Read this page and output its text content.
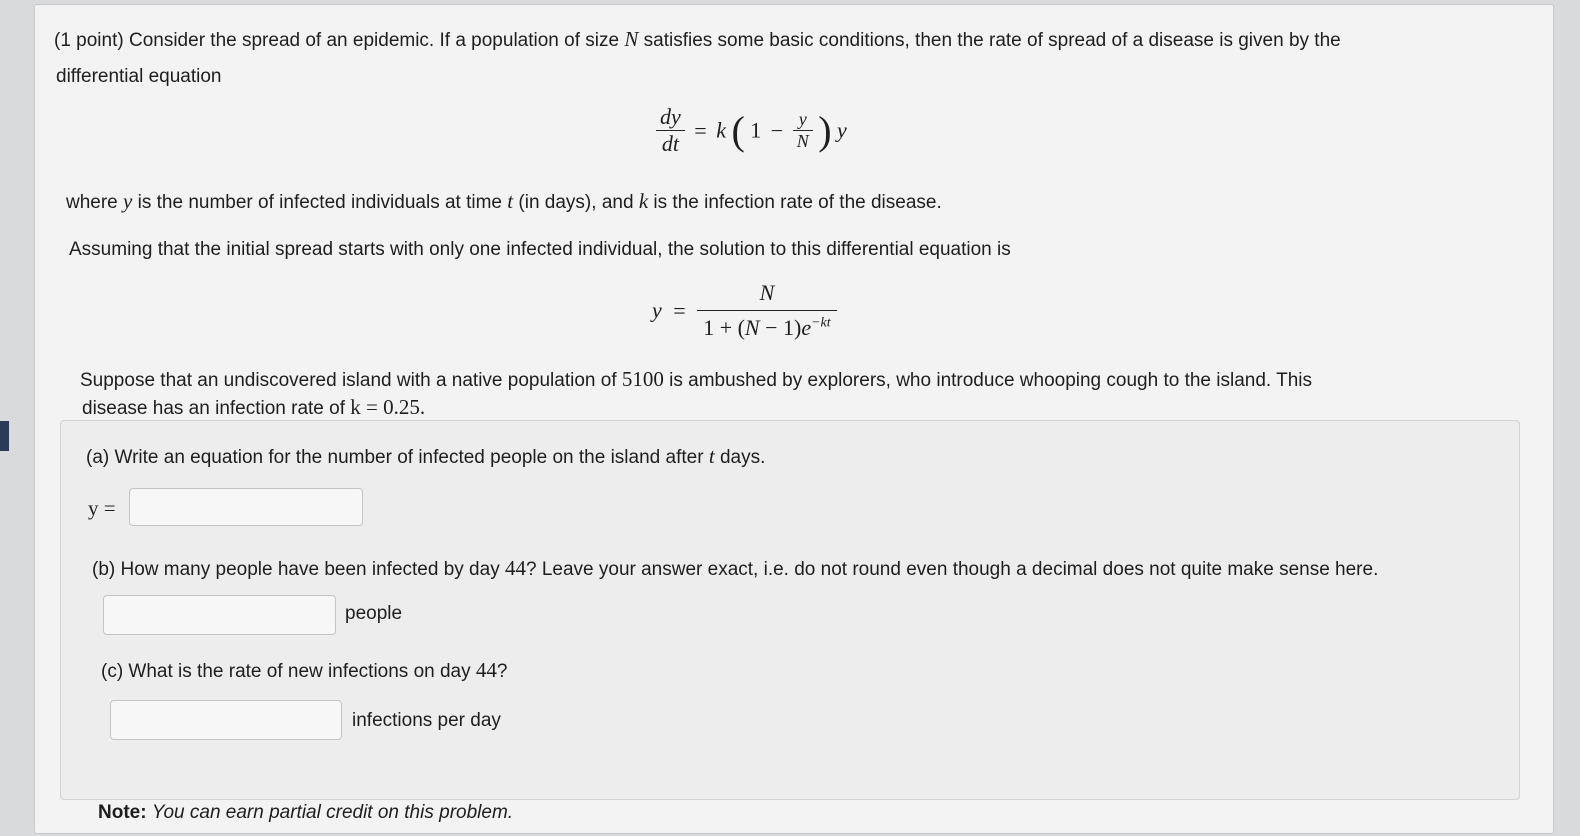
(1 point) Consider the spread of an epidemic. If a population of size N satisfies some basic conditions, then the rate of spread of a disease is given by the
differential equation
$\frac{dy}{dt} = k$ ( $1 - \frac{y}{N}$ ) y
where y is the number of infected individuals at time t (in days), and k is the infection rate of the disease.
Assuming that the initial spread starts with only one infected individual, the solution to this differential equation is
$y = \frac{N}{1 + (N - 1)e^{-kt}}$
Suppose that an undiscovered island with a native population of 5100 is ambushed by explorers, who introduce whooping cough to the island. This
disease has an infection rate of k = 0.25.
(a) Write an equation for the number of infected people on the island after t days.
y =
(b) How many people have been infected by day 44? Leave your answer exact, i.e. do not round even though a decimal does not quite make sense here.
people
(c) What is the rate of new infections on day 44?
infections per day
Note: You can earn partial credit on this problem.
